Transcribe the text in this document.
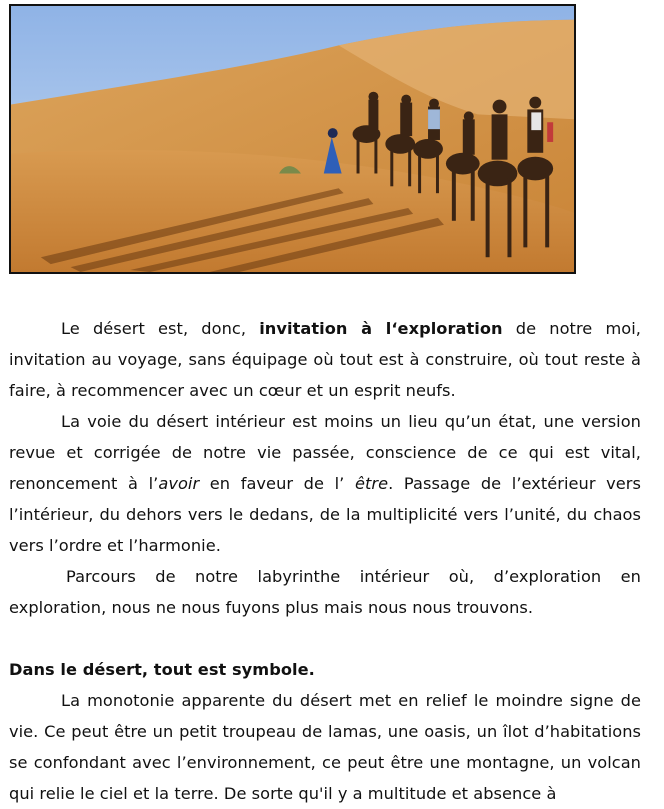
Le désert est, donc, invitation à l‘exploration de notre moi, invitation au voyage, sans équipage où tout est à construire, où tout reste à faire, à recommencer avec un cœur et un esprit neufs.

La voie du désert intérieur est moins un lieu qu’un état, une version revue et corrigée de notre vie passée, conscience de ce qui est vital, renoncement à l’avoir en faveur de l’ être. Passage de l’extérieur vers l’intérieur, du dehors vers le dedans, de la multiplicité vers l’unité, du chaos vers l’ordre et l’harmonie.

Parcours de notre labyrinthe intérieur où, d’exploration en exploration, nous ne nous fuyons plus mais nous nous trouvons.

Dans le désert, tout est symbole.

La monotonie apparente du désert met en relief le moindre signe de vie. Ce peut être un petit troupeau de lamas, une oasis, un îlot d’habitations se confondant avec l’environnement, ce peut être une montagne, un volcan qui relie le ciel et la terre. De sorte qu'il y a multitude et absence à
